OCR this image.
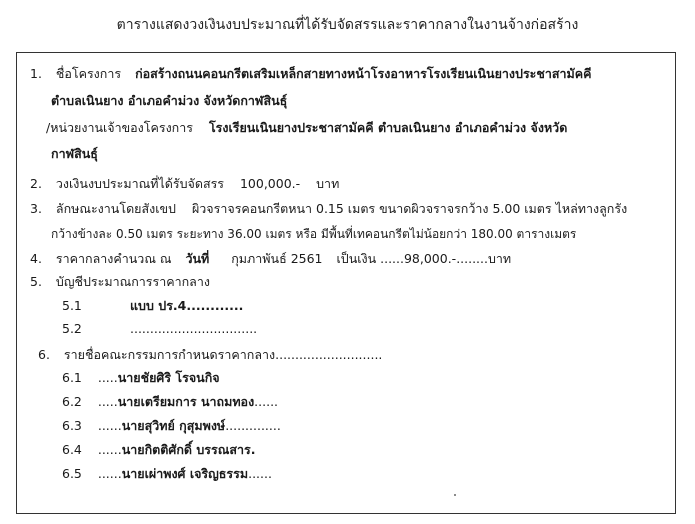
ตารางแสดงวงเงินงบประมาณที่ได้รับจัดสรรและราคากลางในงานจ้างก่อสร้าง
1. ชื่อโครงการ ก่อสร้างถนนคอนกรีตเสริมเหล็กสายทางหน้าโรงอาหารโรงเรียนเนินยางประชาสามัคคี
ตำบลเนินยาง อำเภอคำม่วง จังหวัดกาฬสินธุ์
/หน่วยงานเจ้าของโครงการ โรงเรียนเนินยางประชาสามัคคี ตำบลเนินยาง อำเภอคำม่วง จังหวัด
กาฬสินธุ์
2. วงเงินงบประมาณที่ได้รับจัดสรร 100,000.- บาท
3. ลักษณะงานโดยสังเขป ผิวจราจรคอนกรีตหนา 0.15 เมตร ขนาดผิวจราจรกว้าง 5.00 เมตร ไหล่ทางลูกรัง
กว้างข้างละ 0.50 เมตร ระยะทาง 36.00 เมตร หรือ มีพื้นที่เทคอนกรีตไม่น้อยกว่า 180.00 ตารางเมตร
4. ราคากลางคำนวณ ณ วันที่ กุมภาพันธ์ 2561 เป็นเงิน ......98,000.-........บาท
5. บัญชีประมาณการราคากลาง
5.1	แบบ ปร.4............
5.2	................................
6. รายชื่อคณะกรรมการกำหนดราคากลาง...........................
6.1 .....นายชัยศิริ โรจนกิจ
6.2 .....นายเตรียมการ นาถมทอง......
6.3 ......นายสุวิทย์ กุสุมพงษ์..............
6.4 ......นายกิตติศักดิ์ บรรณสาร.
6.5 ......นายเผ่าพงศ์ เจริญธรรม......
